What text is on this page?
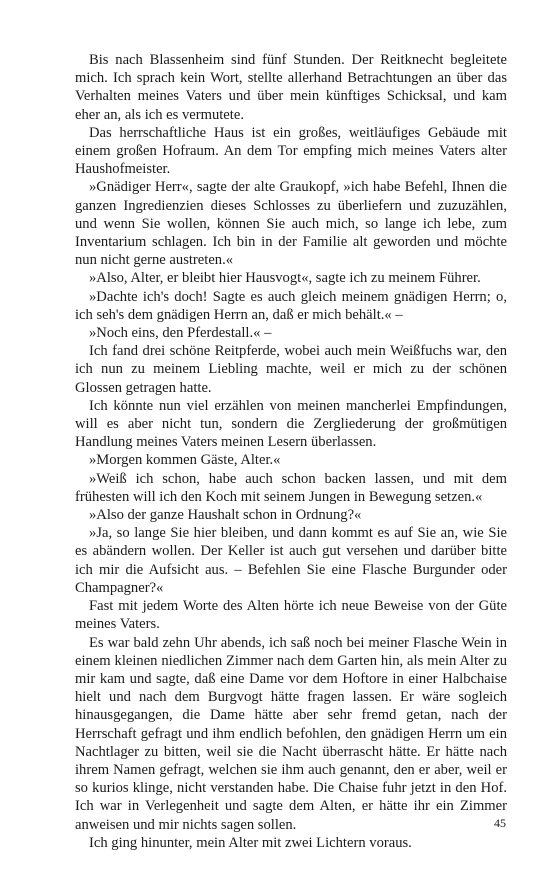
Bis nach Blassenheim sind fünf Stunden. Der Reitknecht begleitete mich. Ich sprach kein Wort, stellte allerhand Betrachtungen an über das Verhalten meines Vaters und über mein künftiges Schicksal, und kam eher an, als ich es vermutete.

Das herrschaftliche Haus ist ein großes, weitläufiges Gebäude mit einem großen Hofraum. An dem Tor empfing mich meines Vaters alter Haushofmeister.

»Gnädiger Herr«, sagte der alte Graukopf, »ich habe Befehl, Ihnen die ganzen Ingredienzien dieses Schlosses zu überliefern und zuzuzählen, und wenn Sie wollen, können Sie auch mich, so lange ich lebe, zum Inventarium schlagen. Ich bin in der Familie alt geworden und möchte nun nicht gerne austreten.«

»Also, Alter, er bleibt hier Hausvogt«, sagte ich zu meinem Führer.

»Dachte ich's doch! Sagte es auch gleich meinem gnädigen Herrn; o, ich seh's dem gnädigen Herrn an, daß er mich behält.« –

»Noch eins, den Pferdestall.« –

Ich fand drei schöne Reitpferde, wobei auch mein Weißfuchs war, den ich nun zu meinem Liebling machte, weil er mich zu der schönen Glossen getragen hatte.

Ich könnte nun viel erzählen von meinen mancherlei Empfindungen, will es aber nicht tun, sondern die Zergliederung der großmütigen Handlung meines Vaters meinen Lesern überlassen.

»Morgen kommen Gäste, Alter.«

»Weiß ich schon, habe auch schon backen lassen, und mit dem frühesten will ich den Koch mit seinem Jungen in Bewegung setzen.«

»Also der ganze Haushalt schon in Ordnung?«

»Ja, so lange Sie hier bleiben, und dann kommt es auf Sie an, wie Sie es abändern wollen. Der Keller ist auch gut versehen und darüber bitte ich mir die Aufsicht aus. – Befehlen Sie eine Flasche Burgunder oder Champagner?«

Fast mit jedem Worte des Alten hörte ich neue Beweise von der Güte meines Vaters.

Es war bald zehn Uhr abends, ich saß noch bei meiner Flasche Wein in einem kleinen niedlichen Zimmer nach dem Garten hin, als mein Alter zu mir kam und sagte, daß eine Dame vor dem Hoftore in einer Halbchaise hielt und nach dem Burgvogt hätte fragen lassen. Er wäre sogleich hinausgegangen, die Dame hätte aber sehr fremd getan, nach der Herrschaft gefragt und ihm endlich befohlen, den gnädigen Herrn um ein Nachtlager zu bitten, weil sie die Nacht überrascht hätte. Er hätte nach ihrem Namen gefragt, welchen sie ihm auch genannt, den er aber, weil er so kurios klinge, nicht verstanden habe. Die Chaise fuhr jetzt in den Hof. Ich war in Verlegenheit und sagte dem Alten, er hätte ihr ein Zimmer anweisen und mir nichts sagen sollen.

Ich ging hinunter, mein Alter mit zwei Lichtern voraus.

45
